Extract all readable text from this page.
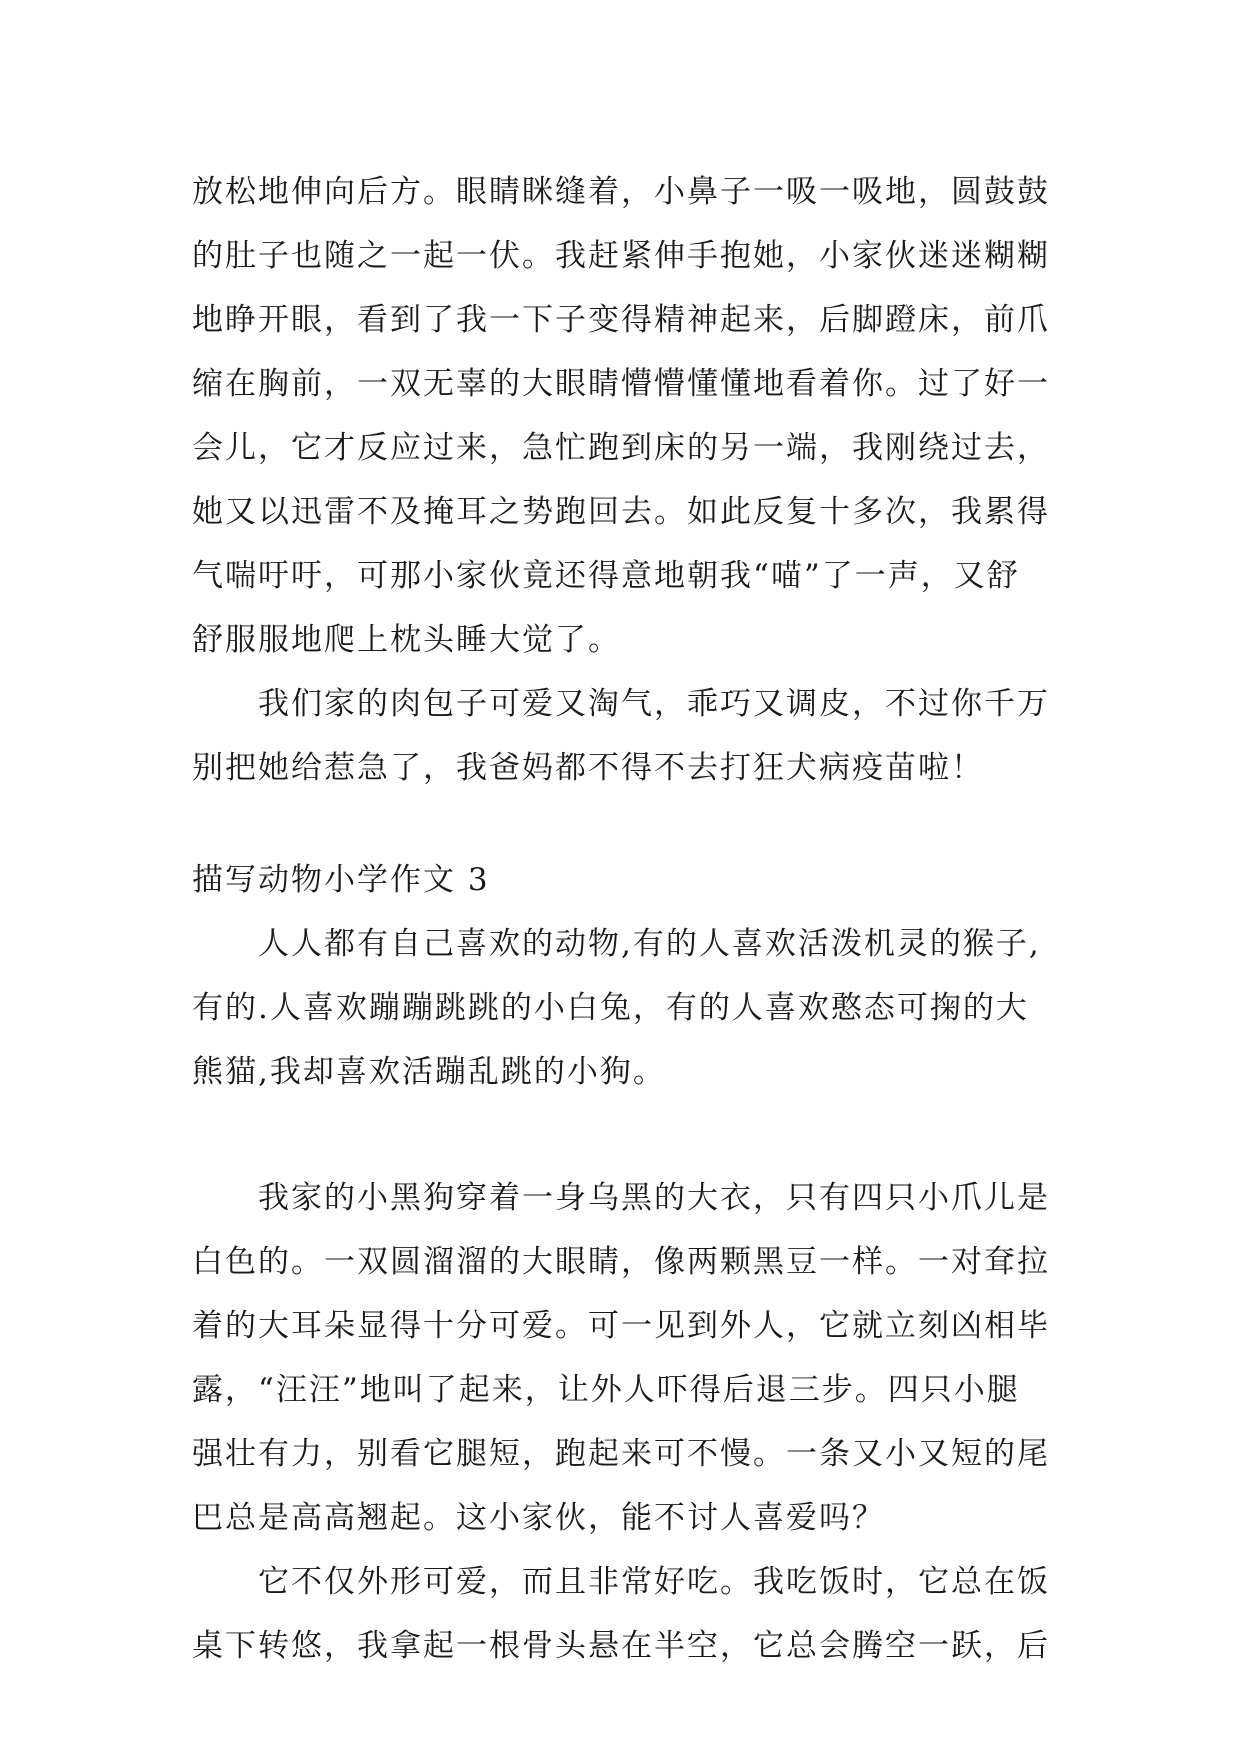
放松地伸向后方。眼睛眯缝着，小鼻子一吸一吸地，圆鼓鼓
的肚子也随之一起一伏。我赶紧伸手抱她，小家伙迷迷糊糊
地睁开眼，看到了我一下子变得精神起来，后脚蹬床，前爪
缩在胸前，一双无辜的大眼睛懵懵懂懂地看着你。过了好一
会儿，它才反应过来，急忙跑到床的另一端，我刚绕过去，
她又以迅雷不及掩耳之势跑回去。如此反复十多次，我累得
气喘吁吁，可那小家伙竟还得意地朝我“喵”了一声，又舒
舒服服地爬上枕头睡大觉了。
　　我们家的肉包子可爱又淘气，乖巧又调皮，不过你千万
别把她给惹急了，我爸妈都不得不去打狂犬病疫苗啦！
描写动物小学作文 3
　　人人都有自己喜欢的动物,有的人喜欢活泼机灵的猴子,
有的.人喜欢蹦蹦跳跳的小白兔，有的人喜欢憨态可掬的大
熊猫,我却喜欢活蹦乱跳的小狗。
　　我家的小黑狗穿着一身乌黑的大衣，只有四只小爪儿是
白色的。一双圆溜溜的大眼睛，像两颗黑豆一样。一对耷拉
着的大耳朵显得十分可爱。可一见到外人，它就立刻凶相毕
露，“汪汪”地叫了起来，让外人吓得后退三步。四只小腿
强壮有力，别看它腿短，跑起来可不慢。一条又小又短的尾
巴总是高高翘起。这小家伙，能不讨人喜爱吗？
　　它不仅外形可爱，而且非常好吃。我吃饭时，它总在饭
桌下转悠，我拿起一根骨头悬在半空，它总会腾空一跃，后
